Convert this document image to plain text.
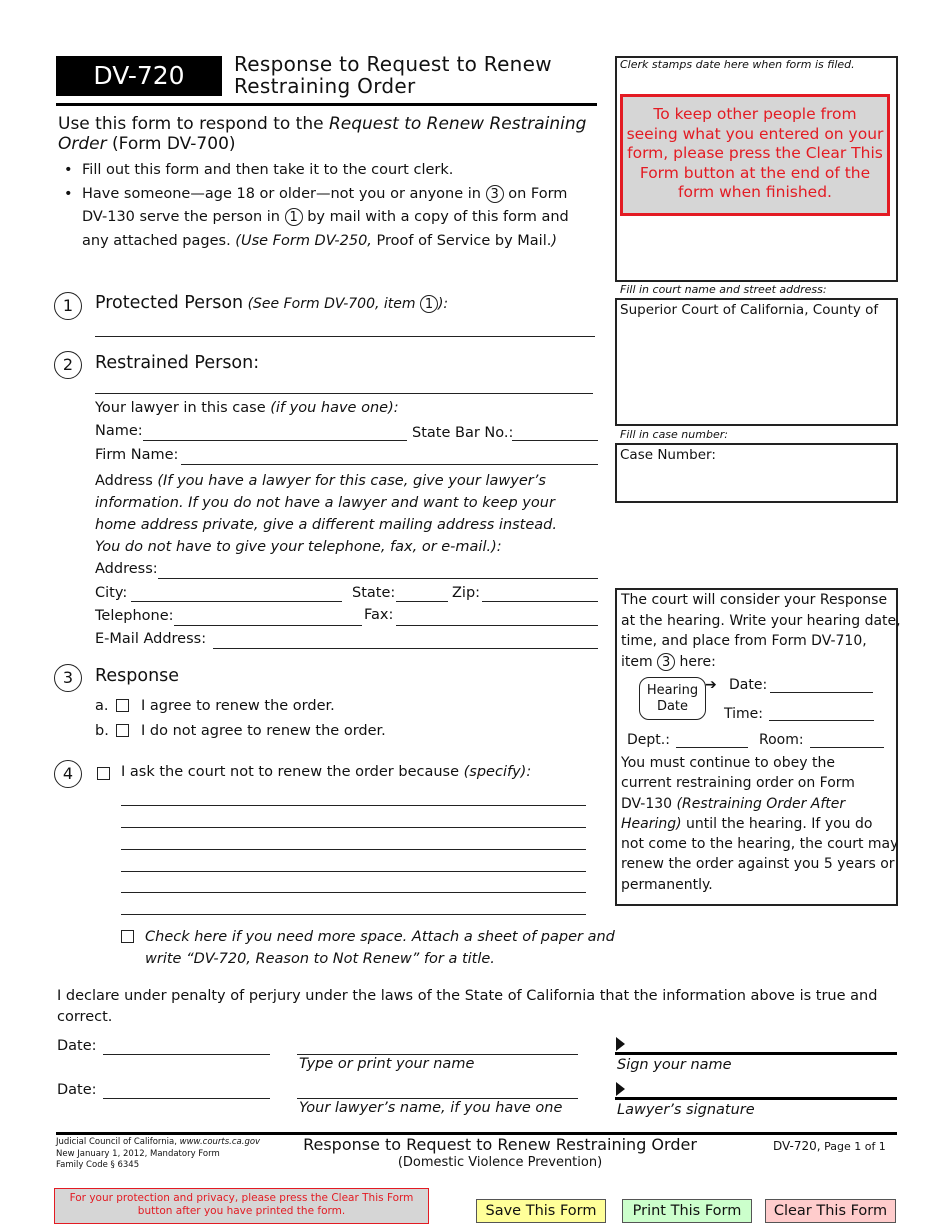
DV-720	Response to Request to Renew
Restraining Order
Use this form to respond to the Request to Renew Restraining Order (Form DV-700)
• Fill out this form and then take it to the court clerk.
• Have someone—age 18 or older—not you or anyone in 3 on Form
DV-130 serve the person in 1 by mail with a copy of this form and
any attached pages. (Use Form DV-250, Proof of Service by Mail.)
Clerk stamps date here when form is filed.
To keep other people from seeing what you entered on your form, please press the Clear This Form button at the end of the form when finished.
Fill in court name and street address:
Superior Court of California, County of
Fill in case number:
Case Number:
1	Protected Person (See Form DV-700, item 1 ):
2	Restrained Person:
Your lawyer in this case (if you have one):
Name:	State Bar No.:
Firm Name:
Address (If you have a lawyer for this case, give your lawyer’s information. If you do not have a lawyer and want to keep your home address private, give a different mailing address instead. You do not have to give your telephone, fax, or e-mail.):
Address:
City:	State:	Zip:
Telephone:	Fax:
E-Mail Address:
3	Response
a. I agree to renew the order.
b. I do not agree to renew the order.
4	I ask the court not to renew the order because (specify):
Check here if you need more space. Attach a sheet of paper and
write “DV-720, Reason to Not Renew” for a title.
The court will consider your Response
at the hearing. Write your hearing date,
time, and place from Form DV-710,
item 3 here:
Hearing
Date
➔ Date:
Time:
Dept.:	Room:
You must continue to obey the
current restraining order on Form
DV-130 (Restraining Order After
Hearing) until the hearing. If you do
not come to the hearing, the court may
renew the order against you 5 years or
permanently.
I declare under penalty of perjury under the laws of the State of California that the information above is true and
correct.
Date:
Type or print your name	Sign your name
Date:
Your lawyer’s name, if you have one	Lawyer’s signature
Judicial Council of California, www.courts.ca.gov
New January 1, 2012, Mandatory Form
Family Code § 6345
Response to Request to Renew Restraining Order
(Domestic Violence Prevention)
DV-720, Page 1 of 1
For your protection and privacy, please press the Clear This Form button after you have printed the form.	Save This Form	Print This Form	Clear This Form
